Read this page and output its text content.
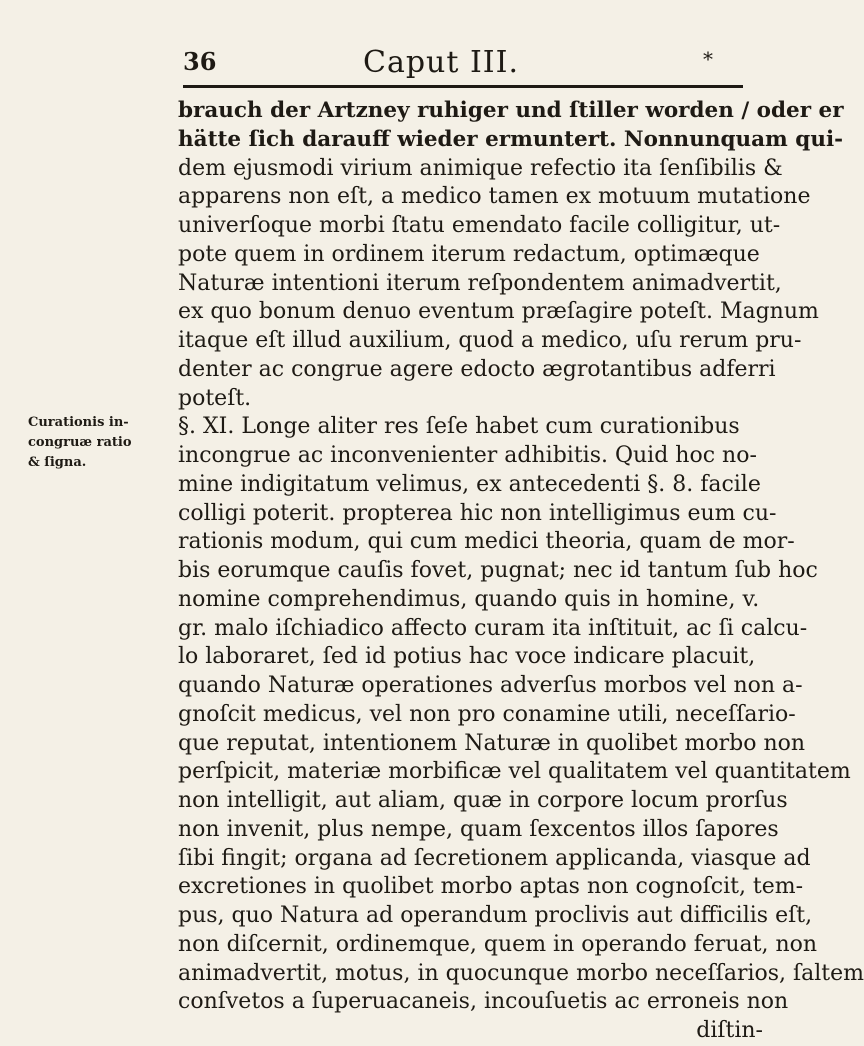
36	Caput III.	*
Curationis in-
congruæ ratio
& ſigna.
brauch der Artzney ruhiger und ſtiller worden / oder er
hätte ſich darauff wieder ermuntert. Nonnunquam qui-
dem ejusmodi virium animique refectio ita ſenſibilis &
apparens non eſt, a medico tamen ex motuum mutatione
univerſoque morbi ſtatu emendato facile colligitur, ut-
pote quem in ordinem iterum redactum, optimæque
Naturæ intentioni iterum reſpondentem animadvertit,
ex quo bonum denuo eventum præſagire poteſt. Magnum
itaque eſt illud auxilium, quod a medico, uſu rerum pru-
denter ac congrue agere edocto ægrotantibus adferri
poteſt.
§. XI. Longe aliter res ſeſe habet cum curationibus
incongrue ac inconvenienter adhibitis. Quid hoc no-
mine indigitatum velimus, ex antecedenti §. 8. facile
colligi poterit. propterea hic non intelligimus eum cu-
rationis modum, qui cum medici theoria, quam de mor-
bis eorumque cauſis fovet, pugnat; nec id tantum ſub hoc
nomine comprehendimus, quando quis in homine, v.
gr. malo iſchiadico affecto curam ita inſtituit, ac ſi calcu-
lo laboraret, ſed id potius hac voce indicare placuit,
quando Naturæ operationes adverſus morbos vel non a-
gnoſcit medicus, vel non pro conamine utili, neceſſario-
que reputat, intentionem Naturæ in quolibet morbo non
perſpicit, materiæ morbificæ vel qualitatem vel quantitatem
non intelligit, aut aliam, quæ in corpore locum prorſus
non invenit, plus nempe, quam ſexcentos illos ſapores
ſibi fingit; organa ad ſecretionem applicanda, viasque ad
excretiones in quolibet morbo aptas non cognoſcit, tem-
pus, quo Natura ad operandum proclivis aut difficilis eſt,
non diſcernit, ordinemque, quem in operando feruat, non
animadvertit, motus, in quocunque morbo neceſſarios, ſaltem
conſvetos a ſuperuacaneis, incouſuetis ac erroneis non
diſtin-
